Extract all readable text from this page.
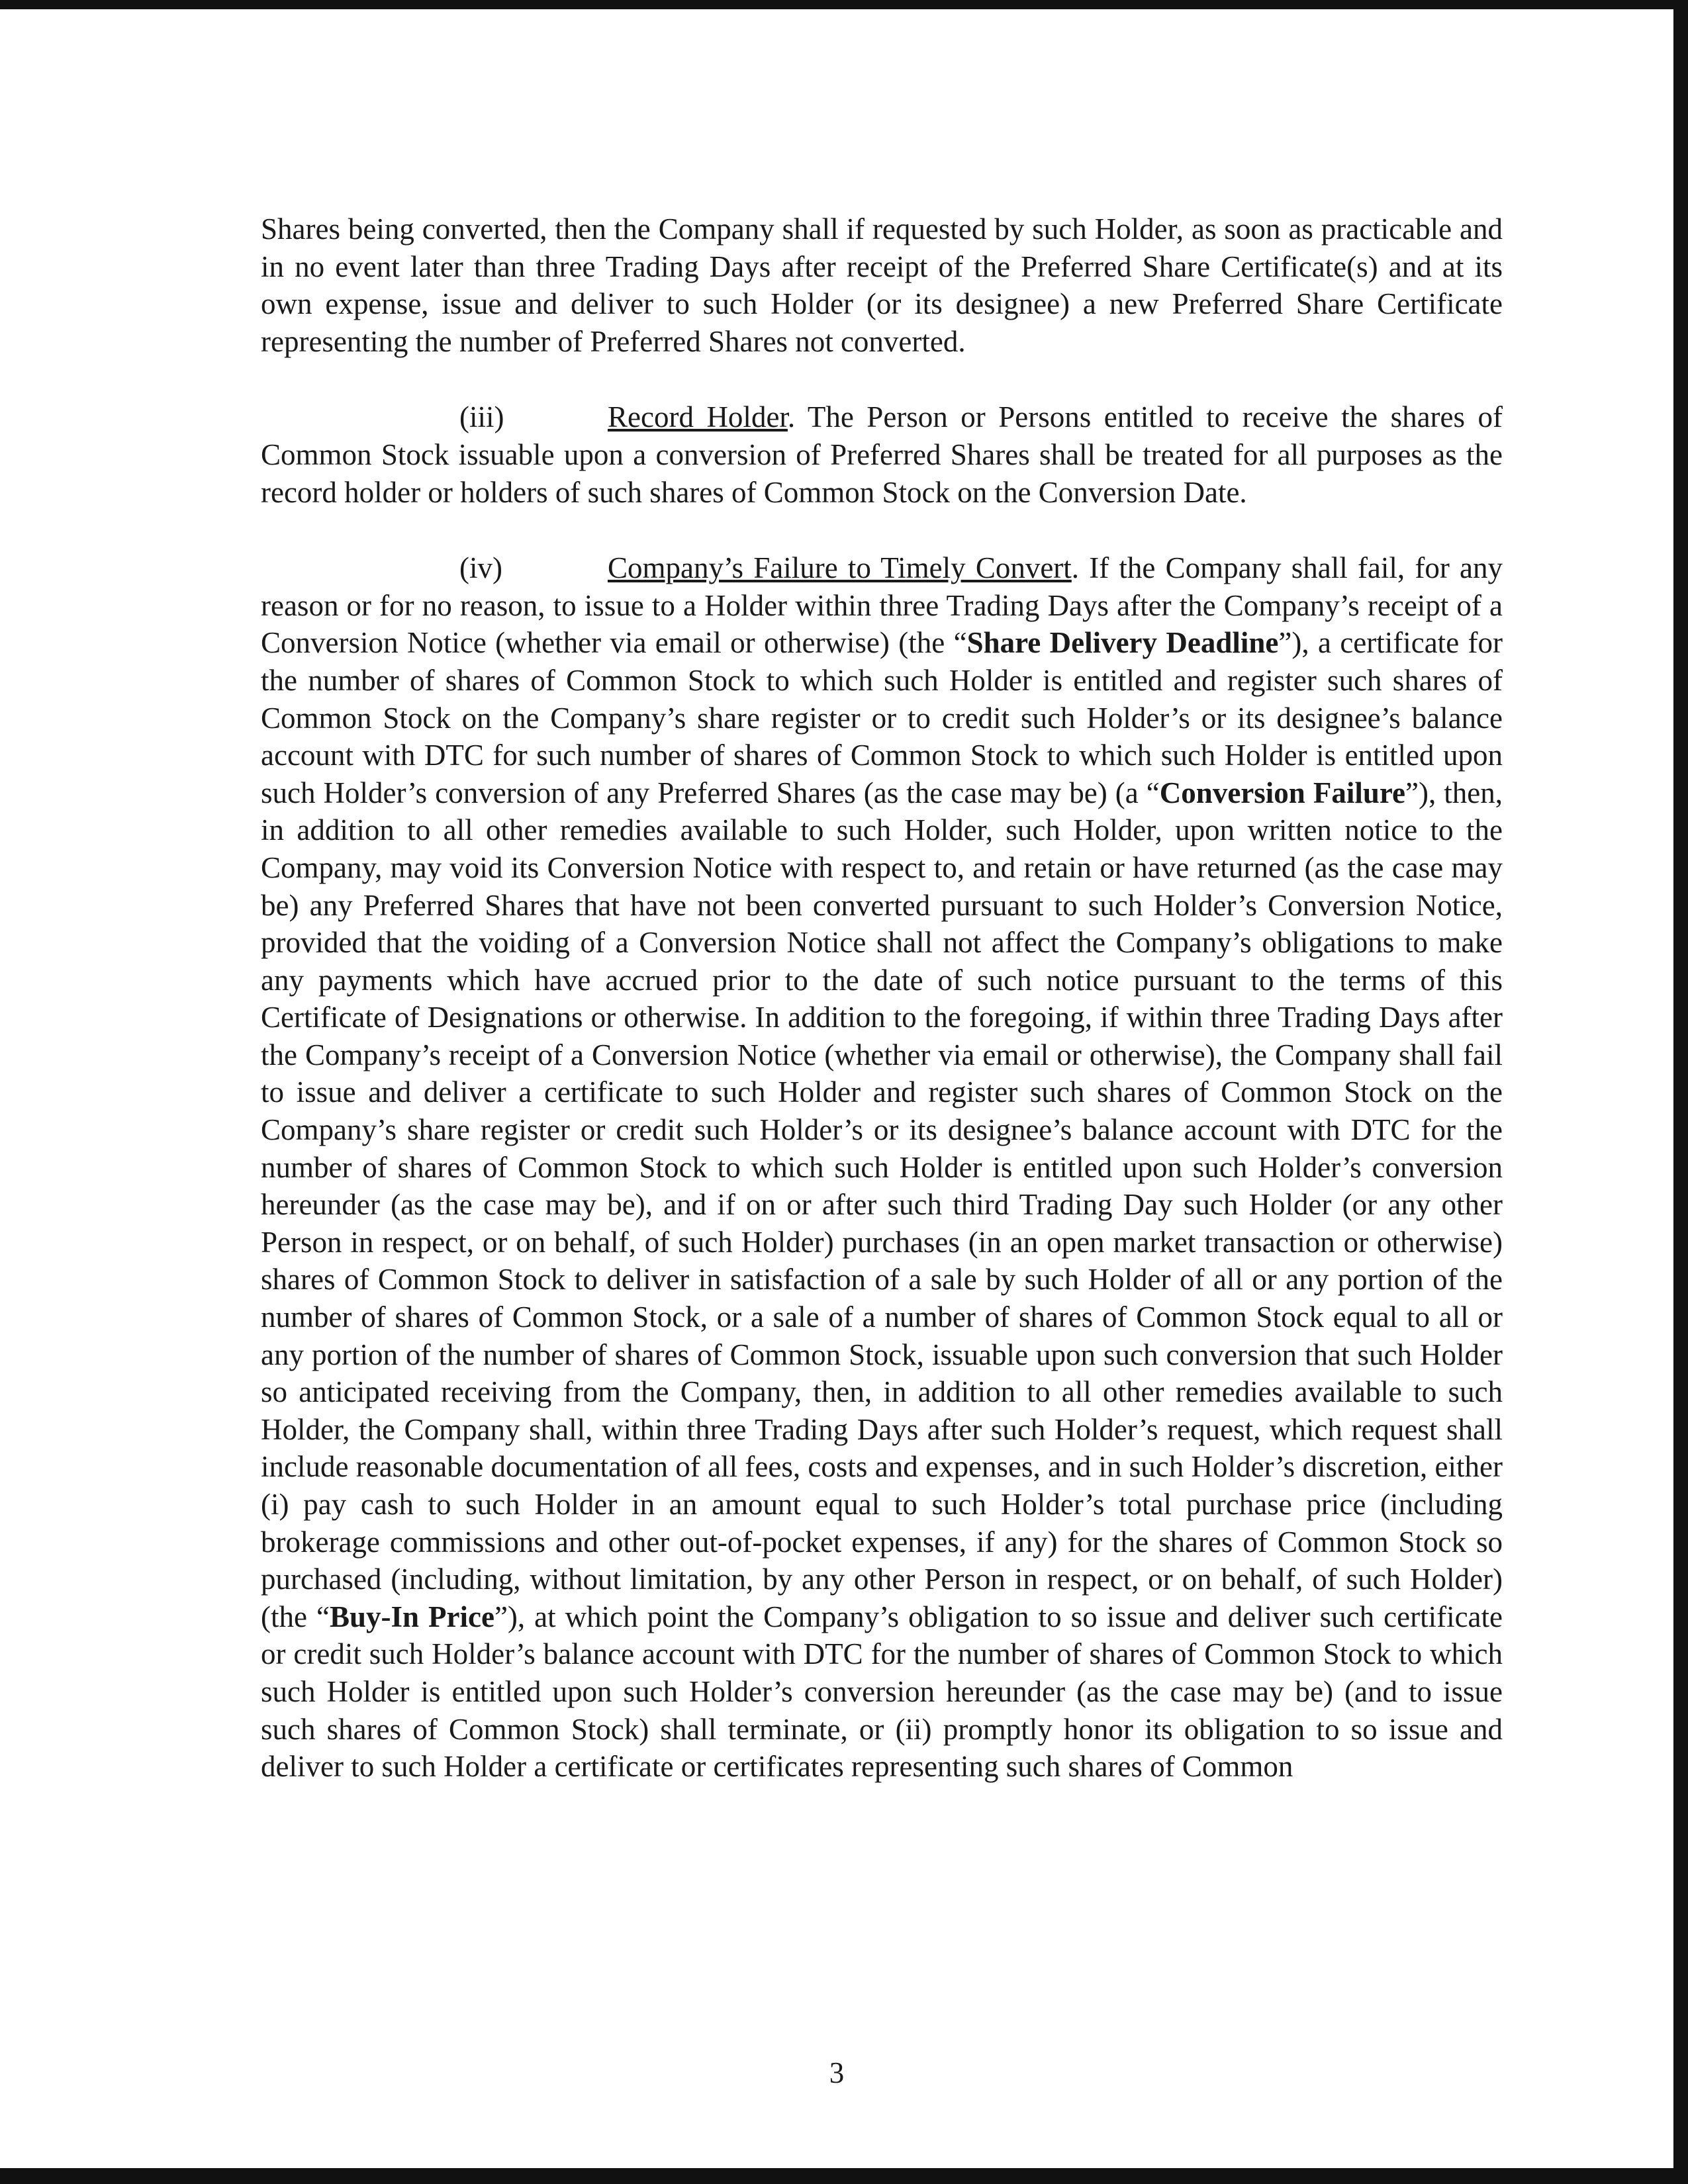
Shares being converted, then the Company shall if requested by such Holder, as soon as practicable and in no event later than three Trading Days after receipt of the Preferred Share Certificate(s) and at its own expense, issue and deliver to such Holder (or its designee) a new Preferred Share Certificate representing the number of Preferred Shares not converted.

(iii)	Record Holder. The Person or Persons entitled to receive the shares of Common Stock issuable upon a conversion of Preferred Shares shall be treated for all purposes as the record holder or holders of such shares of Common Stock on the Conversion Date.

(iv)	Company’s Failure to Timely Convert. If the Company shall fail, for any reason or for no reason, to issue to a Holder within three Trading Days after the Company’s receipt of a Conversion Notice (whether via email or otherwise) (the “Share Delivery Deadline”), a certificate for the number of shares of Common Stock to which such Holder is entitled and register such shares of Common Stock on the Company’s share register or to credit such Holder’s or its designee’s balance account with DTC for such number of shares of Common Stock to which such Holder is entitled upon such Holder’s conversion of any Preferred Shares (as the case may be) (a “Conversion Failure”), then, in addition to all other remedies available to such Holder, such Holder, upon written notice to the Company, may void its Conversion Notice with respect to, and retain or have returned (as the case may be) any Preferred Shares that have not been converted pursuant to such Holder’s Conversion Notice, provided that the voiding of a Conversion Notice shall not affect the Company’s obligations to make any payments which have accrued prior to the date of such notice pursuant to the terms of this Certificate of Designations or otherwise. In addition to the foregoing, if within three Trading Days after the Company’s receipt of a Conversion Notice (whether via email or otherwise), the Company shall fail to issue and deliver a certificate to such Holder and register such shares of Common Stock on the Company’s share register or credit such Holder’s or its designee’s balance account with DTC for the number of shares of Common Stock to which such Holder is entitled upon such Holder’s conversion hereunder (as the case may be), and if on or after such third Trading Day such Holder (or any other Person in respect, or on behalf, of such Holder) purchases (in an open market transaction or otherwise) shares of Common Stock to deliver in satisfaction of a sale by such Holder of all or any portion of the number of shares of Common Stock, or a sale of a number of shares of Common Stock equal to all or any portion of the number of shares of Common Stock, issuable upon such conversion that such Holder so anticipated receiving from the Company, then, in addition to all other remedies available to such Holder, the Company shall, within three Trading Days after such Holder’s request, which request shall include reasonable documentation of all fees, costs and expenses, and in such Holder’s discretion, either (i) pay cash to such Holder in an amount equal to such Holder’s total purchase price (including brokerage commissions and other out-of-pocket expenses, if any) for the shares of Common Stock so purchased (including, without limitation, by any other Person in respect, or on behalf, of such Holder) (the “Buy-In Price”), at which point the Company’s obligation to so issue and deliver such certificate or credit such Holder’s balance account with DTC for the number of shares of Common Stock to which such Holder is entitled upon such Holder’s conversion hereunder (as the case may be) (and to issue such shares of Common Stock) shall terminate, or (ii) promptly honor its obligation to so issue and deliver to such Holder a certificate or certificates representing such shares of Common

3
